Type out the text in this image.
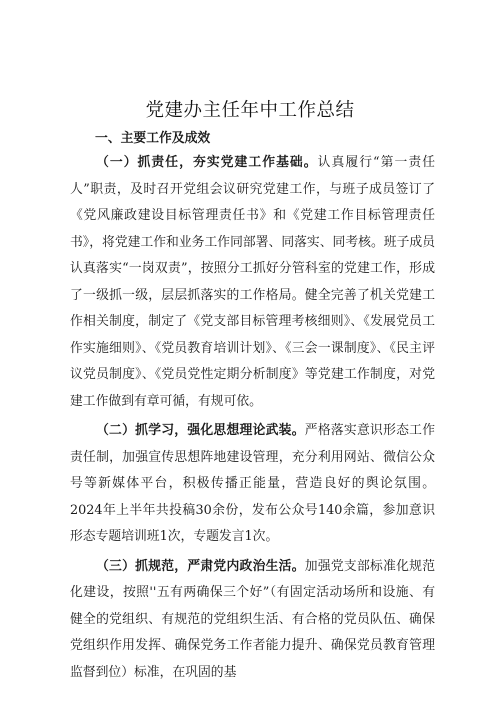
党建办主任年中工作总结

一、主要工作及成效

（一）抓责任，夯实党建工作基础。认真履行“第一责任人”职责，及时召开党组会议研究党建工作，与班子成员签订了《党风廉政建设目标管理责任书》和《党建工作目标管理责任书》，将党建工作和业务工作同部署、同落实、同考核。班子成员认真落实“一岗双责”，按照分工抓好分管科室的党建工作，形成了一级抓一级，层层抓落实的工作格局。健全完善了机关党建工作相关制度，制定了《党支部目标管理考核细则》、《发展党员工作实施细则》、《党员教育培训计划》、《三会一课制度》、《民主评议党员制度》、《党员党性定期分析制度》等党建工作制度，对党建工作做到有章可循，有规可依。

（二）抓学习，强化思想理论武装。严格落实意识形态工作责任制，加强宣传思想阵地建设管理，充分利用网站、微信公众号等新媒体平台，积极传播正能量，营造良好的舆论氛围。2024年上半年共投稿30余份，发布公众号140余篇，参加意识形态专题培训班1次，专题发言1次。

（三）抓规范，严肃党内政治生活。加强党支部标准化规范化建设，按照''五有两确保三个好”（有固定活动场所和设施、有健全的党组织、有规范的党组织生活、有合格的党员队伍、确保党组织作用发挥、确保党务工作者能力提升、确保党员教育管理监督到位）标准，在巩固的基
